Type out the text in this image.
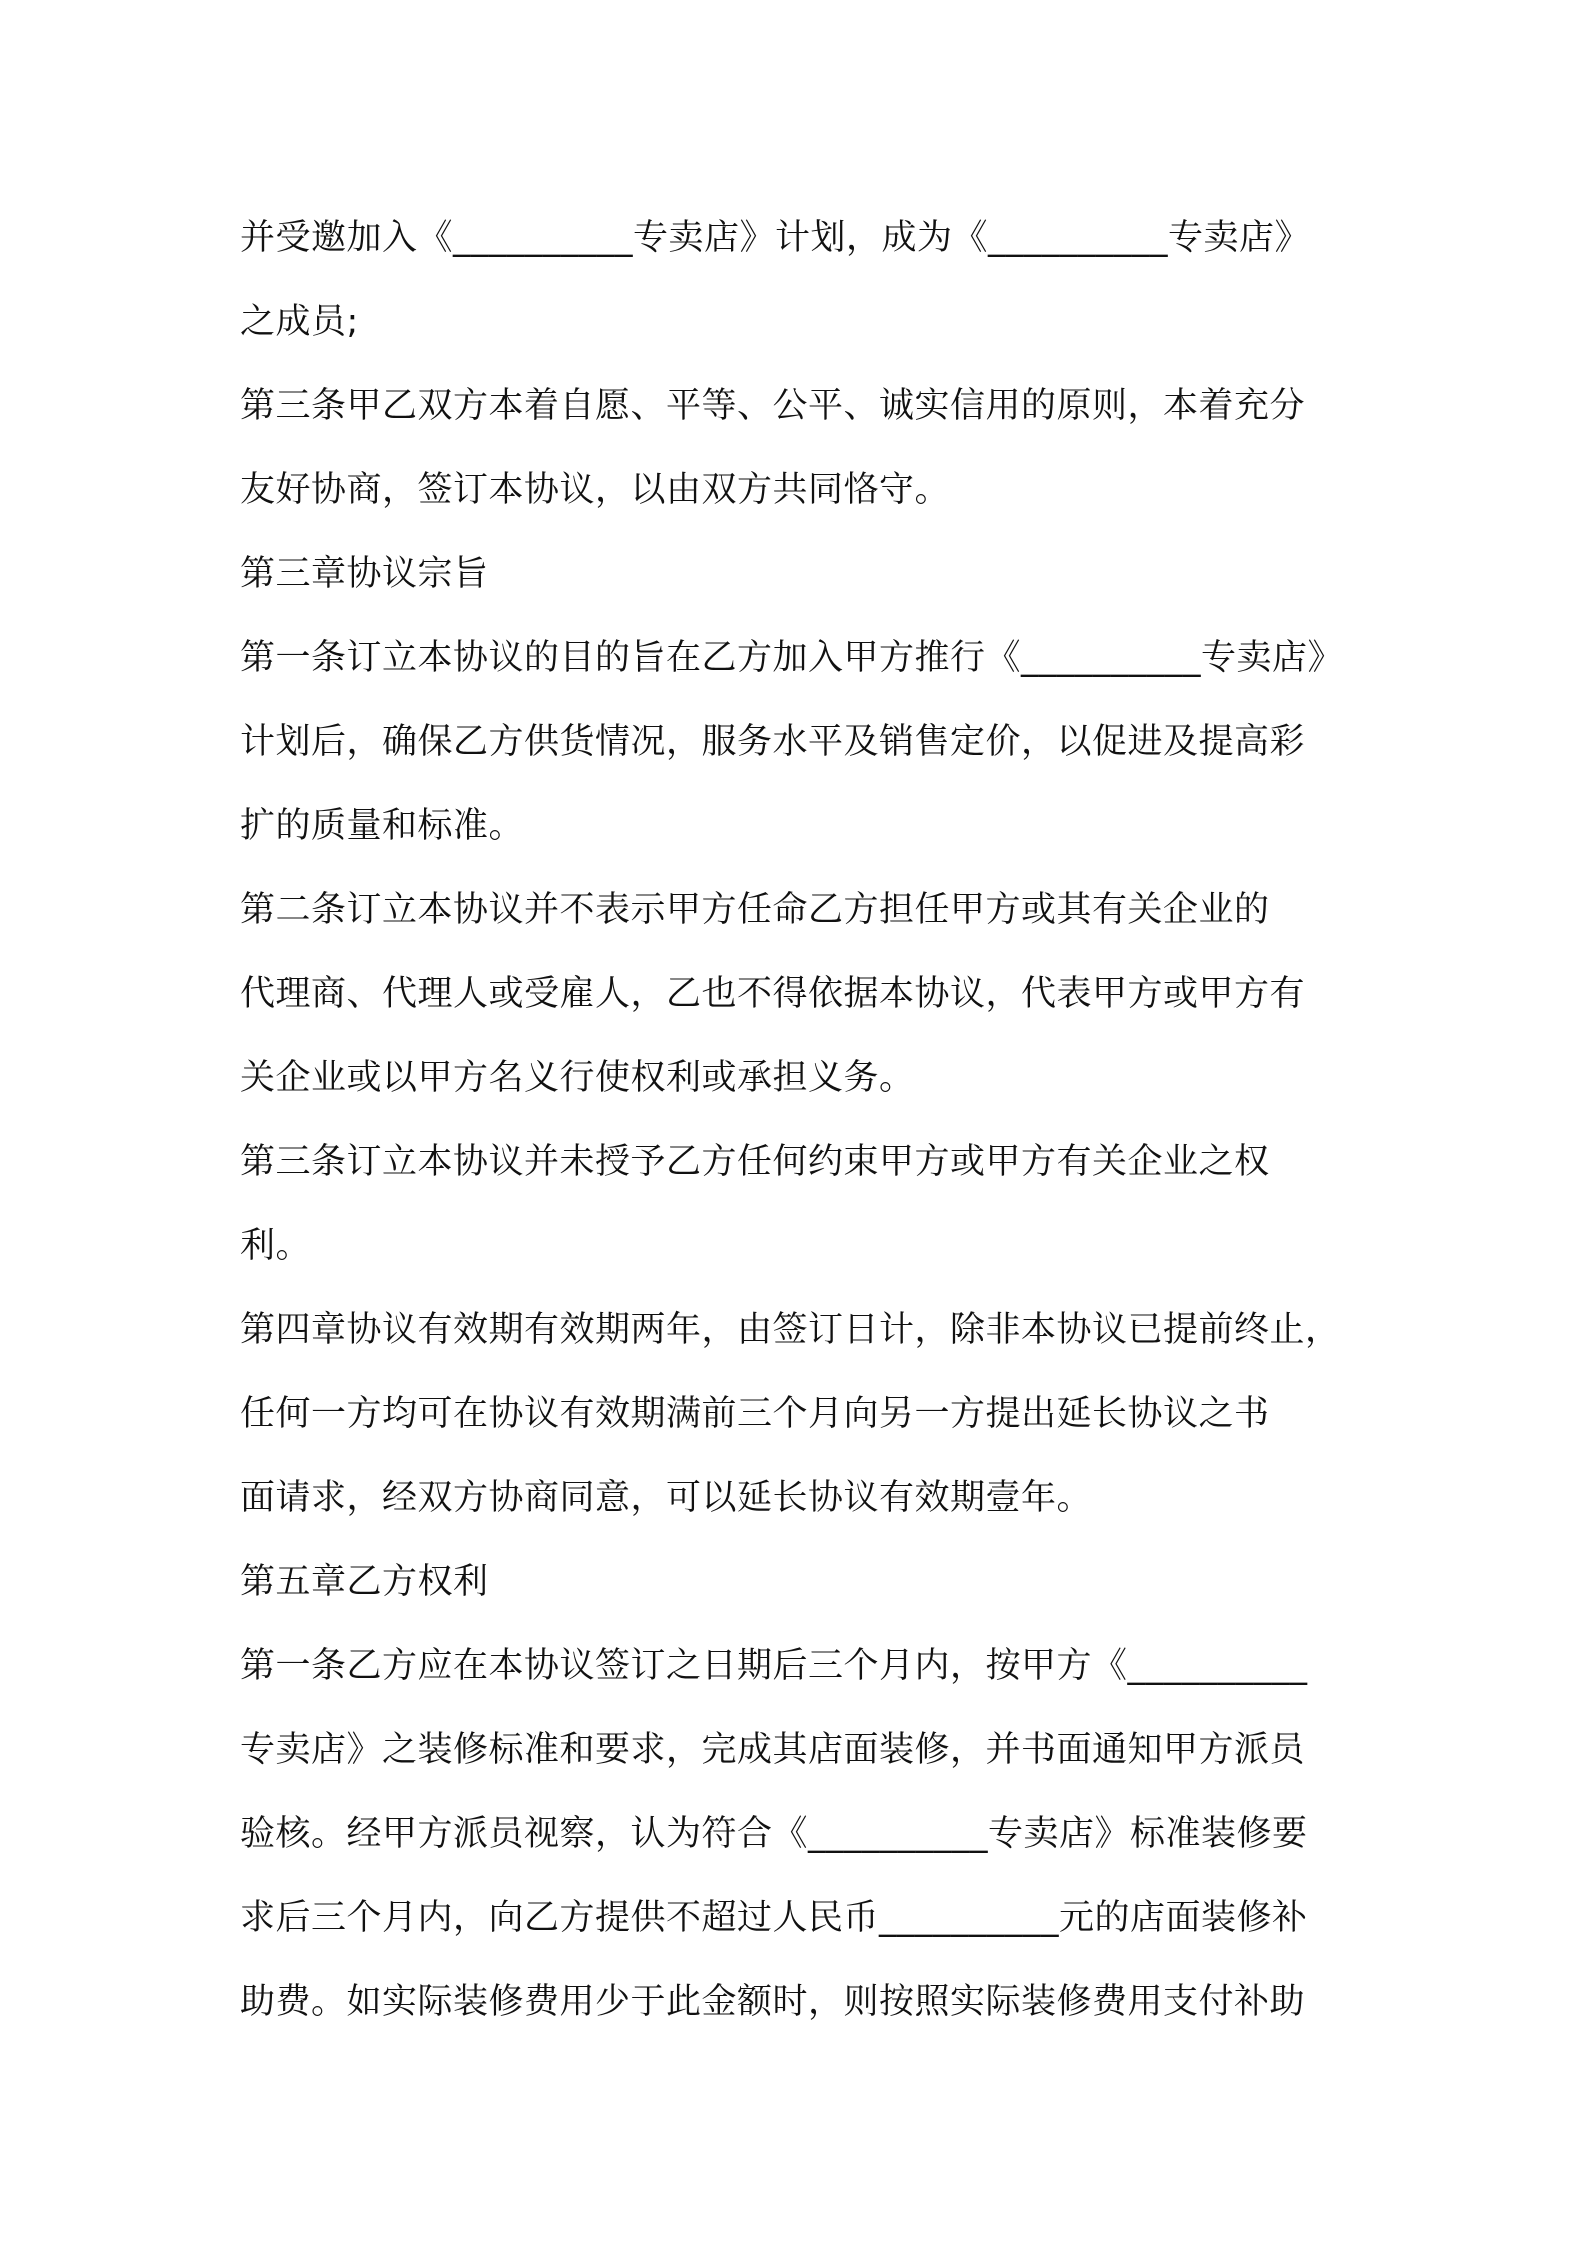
并受邀加入《__________专卖店》计划，成为《__________专卖店》
之成员;
第三条甲乙双方本着自愿、平等、公平、诚实信用的原则，本着充分
友好协商，签订本协议，以由双方共同恪守。
第三章协议宗旨
第一条订立本协议的目的旨在乙方加入甲方推行《__________专卖店》
计划后，确保乙方供货情况，服务水平及销售定价，以促进及提高彩
扩的质量和标准。
第二条订立本协议并不表示甲方任命乙方担任甲方或其有关企业的
代理商、代理人或受雇人，乙也不得依据本协议，代表甲方或甲方有
关企业或以甲方名义行使权利或承担义务。
第三条订立本协议并未授予乙方任何约束甲方或甲方有关企业之权
利。
第四章协议有效期有效期两年，由签订日计，除非本协议已提前终止，
任何一方均可在协议有效期满前三个月向另一方提出延长协议之书
面请求，经双方协商同意，可以延长协议有效期壹年。
第五章乙方权利
第一条乙方应在本协议签订之日期后三个月内，按甲方《__________
专卖店》之装修标准和要求，完成其店面装修，并书面通知甲方派员
验核。经甲方派员视察，认为符合《__________专卖店》标准装修要
求后三个月内，向乙方提供不超过人民币__________元的店面装修补
助费。如实际装修费用少于此金额时，则按照实际装修费用支付补助
